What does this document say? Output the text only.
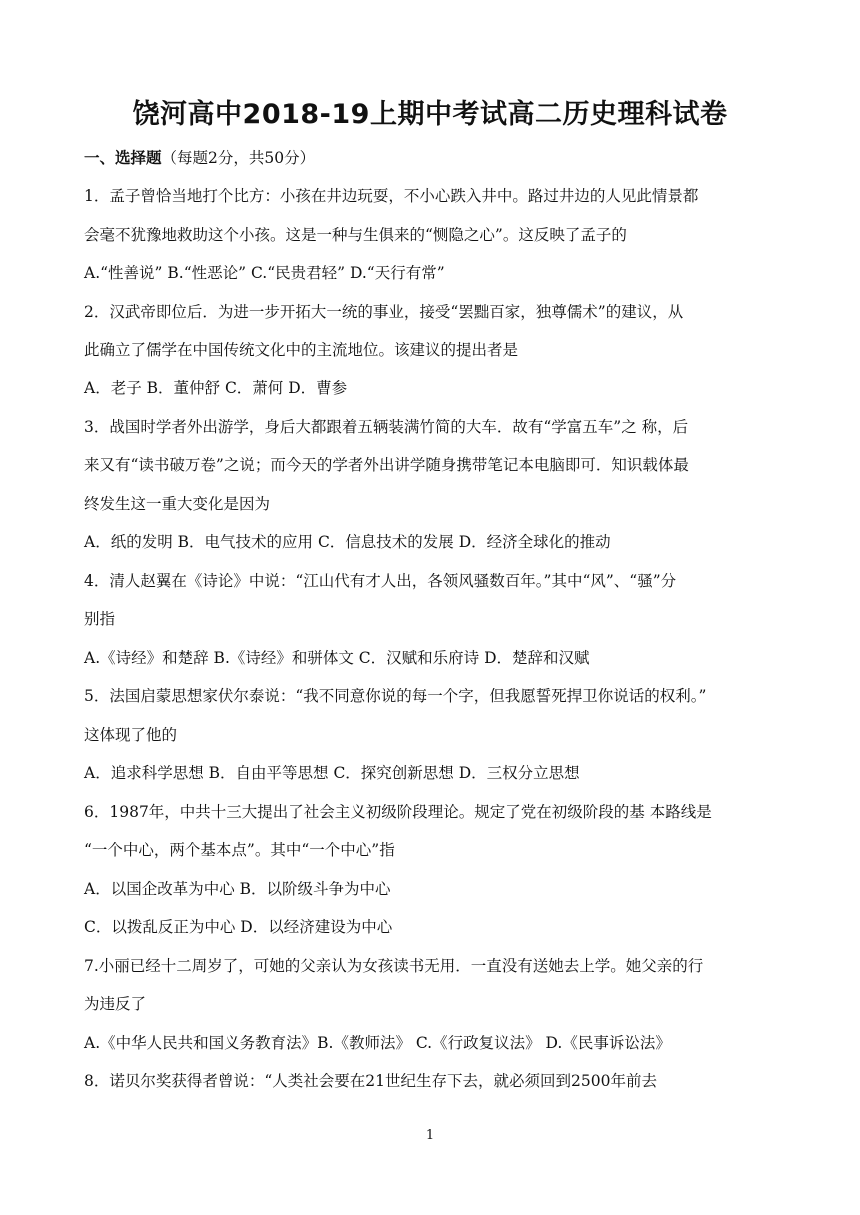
饶河高中2018-19上期中考试高二历史理科试卷
一、选择题（每题2分，共50分）
1．孟子曾恰当地打个比方：小孩在井边玩耍，不小心跌入井中。路过井边的人见此情景都
会毫不犹豫地救助这个小孩。这是一种与生俱来的“恻隐之心”。这反映了孟子的
A.“性善说” B.“性恶论” C.“民贵君轻” D.“天行有常”
2．汉武帝即位后．为进一步开拓大一统的事业，接受“罢黜百家，独尊儒术”的建议，从
此确立了儒学在中国传统文化中的主流地位。该建议的提出者是
A．老子 B．董仲舒 C．萧何 D．曹参
3．战国时学者外出游学，身后大都跟着五辆装满竹简的大车．故有“学富五车”之 称，后
来又有“读书破万卷”之说；而今天的学者外出讲学随身携带笔记本电脑即可．知识载体最
终发生这一重大变化是因为
A．纸的发明 B．电气技术的应用 C．信息技术的发展 D．经济全球化的推动
4．清人赵翼在《诗论》中说：“江山代有才人出，各领风骚数百年。”其中“风”、“骚”分
别指
A.《诗经》和楚辞 B.《诗经》和骈体文 C．汉赋和乐府诗 D．楚辞和汉赋
5．法国启蒙思想家伏尔泰说：“我不同意你说的每一个字，但我愿誓死捍卫你说话的权利。”
这体现了他的
A．追求科学思想 B．自由平等思想 C．探究创新思想 D．三权分立思想
6．1987年，中共十三大提出了社会主义初级阶段理论。规定了党在初级阶段的基 本路线是
“一个中心，两个基本点”。其中“一个中心”指
A．以国企改革为中心 B．以阶级斗争为中心
C．以拨乱反正为中心 D．以经济建设为中心
7.小丽已经十二周岁了，可她的父亲认为女孩读书无用．一直没有送她去上学。她父亲的行
为违反了
A.《中华人民共和国义务教育法》B.《教师法》 C.《行政复议法》 D.《民事诉讼法》
8．诺贝尔奖获得者曾说：“人类社会要在21世纪生存下去，就必须回到2500年前去
1
